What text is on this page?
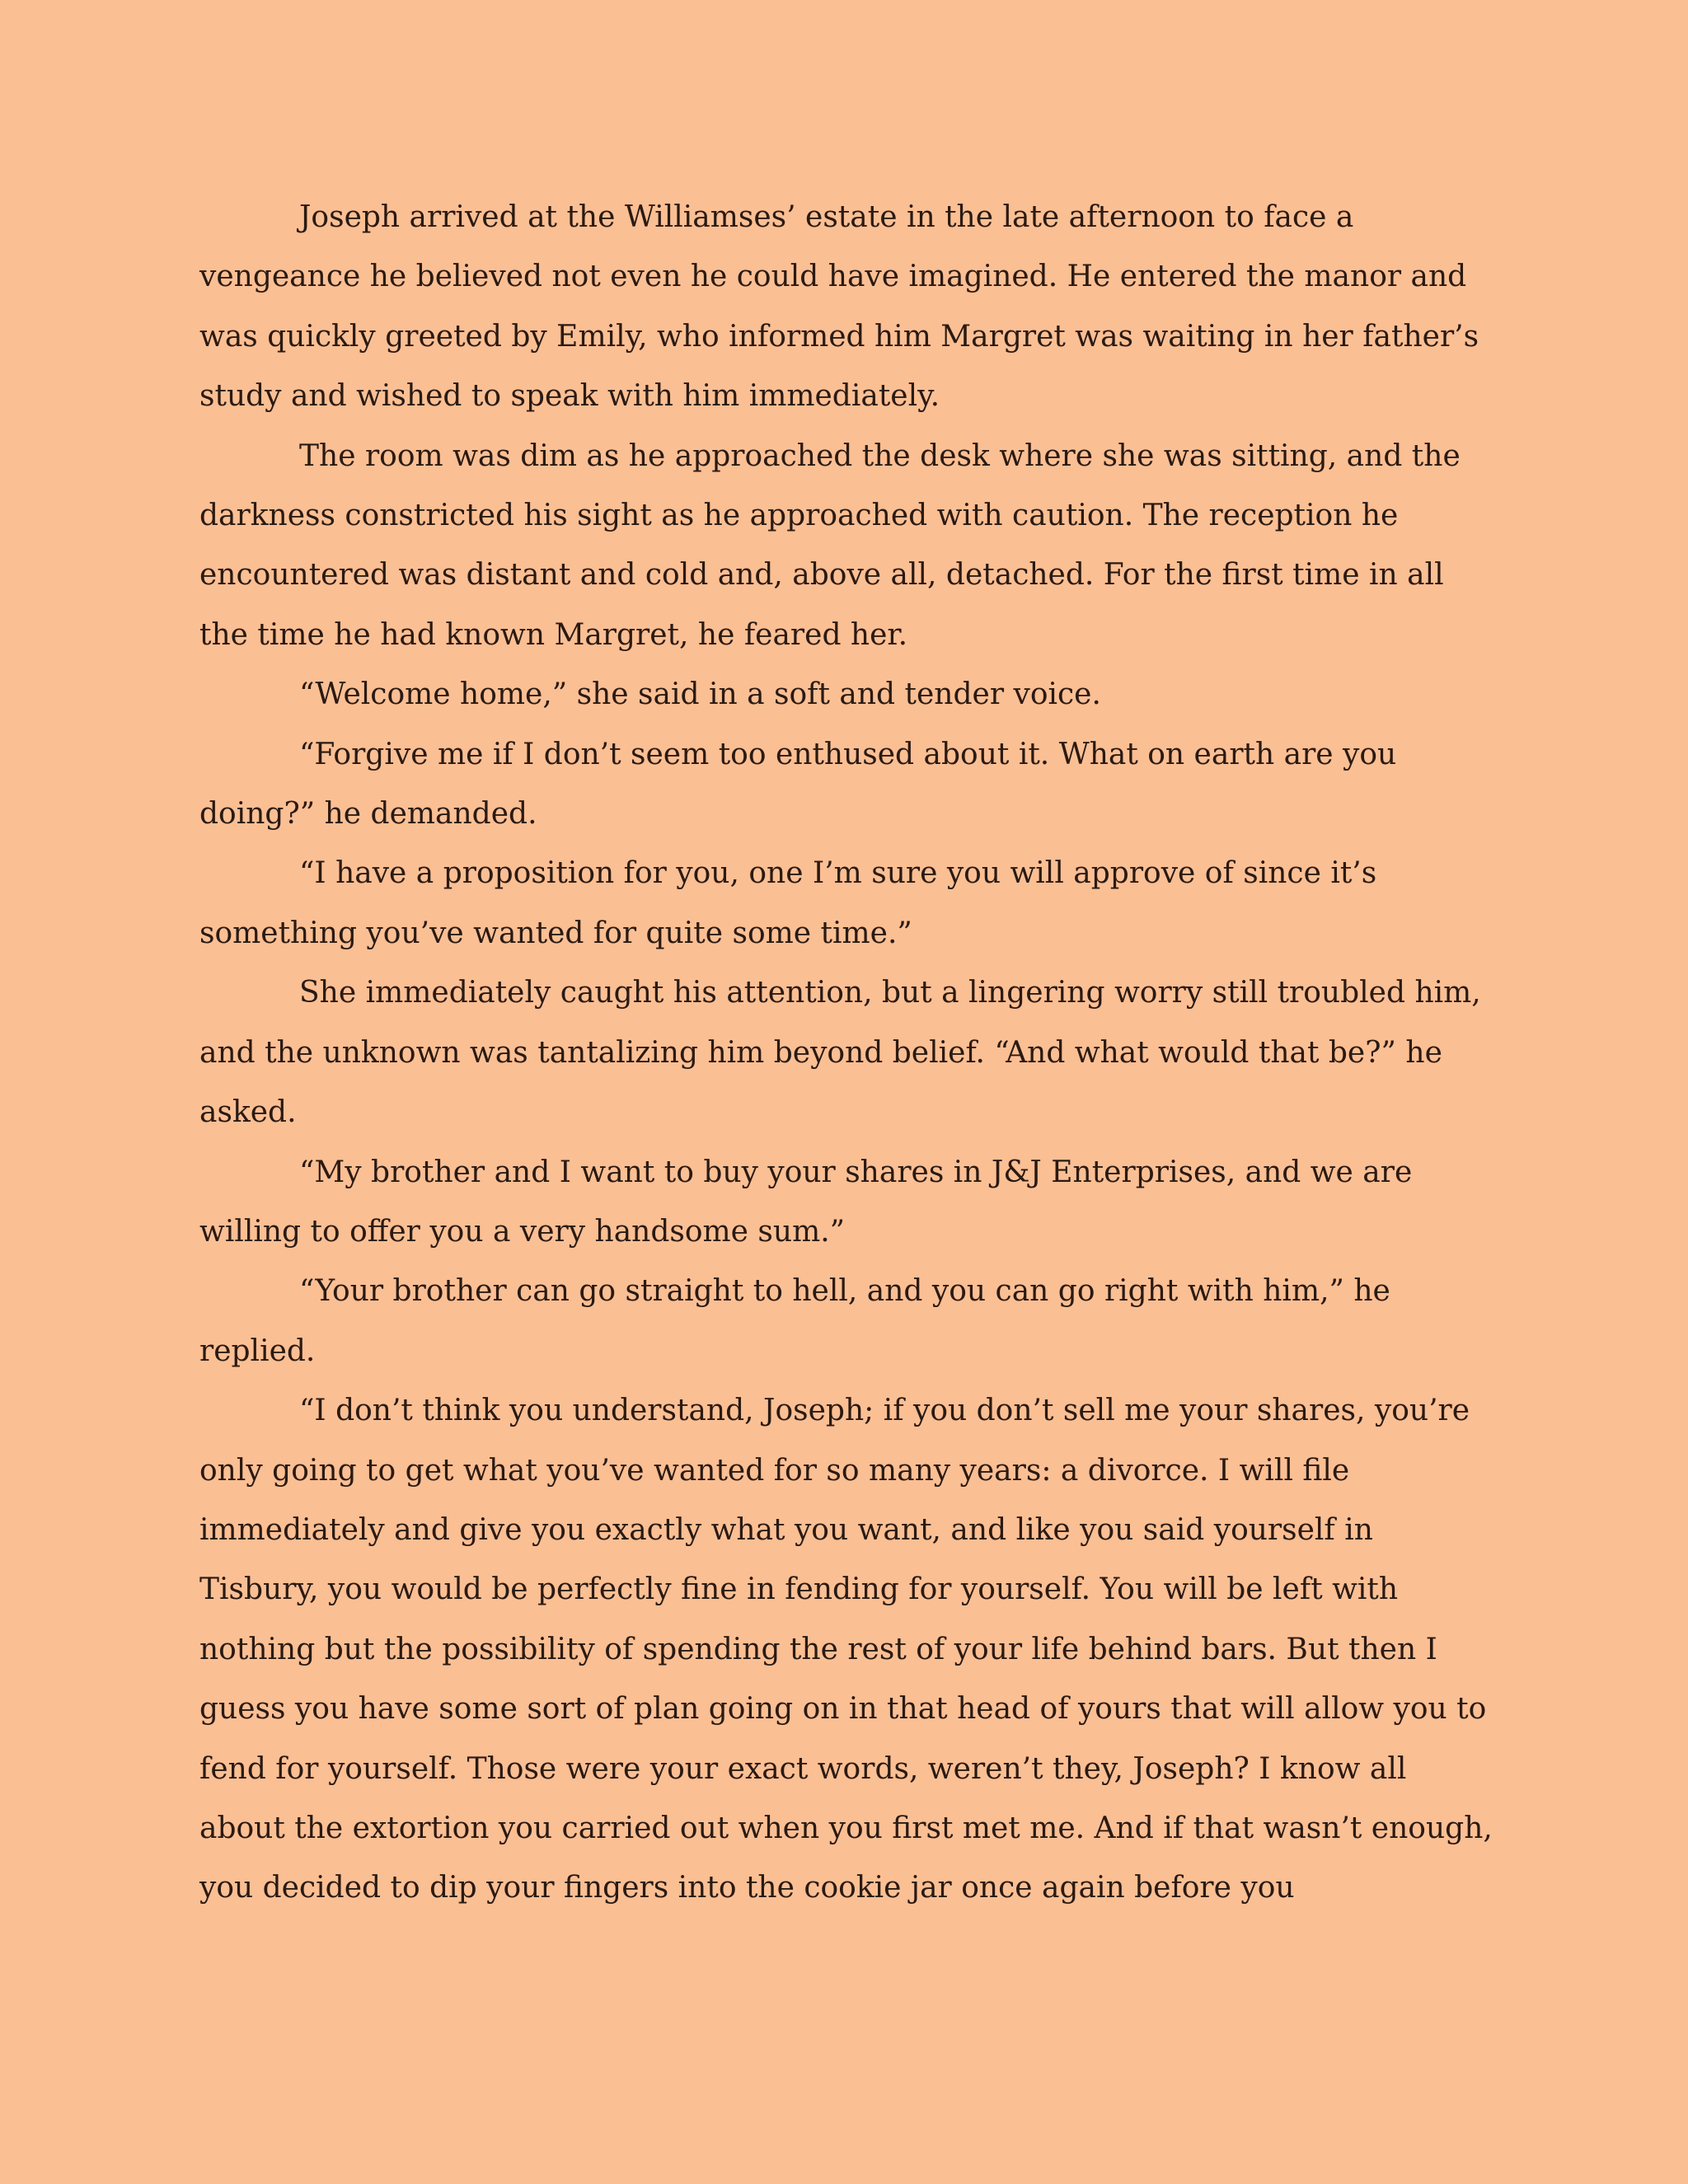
Joseph arrived at the Williamses’ estate in the late afternoon to face a vengeance he believed not even he could have imagined. He entered the manor and was quickly greeted by Emily, who informed him Margret was waiting in her father’s study and wished to speak with him immediately.

The room was dim as he approached the desk where she was sitting, and the darkness constricted his sight as he approached with caution. The reception he encountered was distant and cold and, above all, detached. For the first time in all the time he had known Margret, he feared her.

“Welcome home,” she said in a soft and tender voice.

“Forgive me if I don’t seem too enthused about it. What on earth are you doing?” he demanded.

“I have a proposition for you, one I’m sure you will approve of since it’s something you’ve wanted for quite some time.”

She immediately caught his attention, but a lingering worry still troubled him, and the unknown was tantalizing him beyond belief. “And what would that be?” he asked.

“My brother and I want to buy your shares in J&J Enterprises, and we are willing to offer you a very handsome sum.”

“Your brother can go straight to hell, and you can go right with him,” he replied.

“I don’t think you understand, Joseph; if you don’t sell me your shares, you’re only going to get what you’ve wanted for so many years: a divorce. I will file immediately and give you exactly what you want, and like you said yourself in Tisbury, you would be perfectly fine in fending for yourself. You will be left with nothing but the possibility of spending the rest of your life behind bars. But then I guess you have some sort of plan going on in that head of yours that will allow you to fend for yourself. Those were your exact words, weren’t they, Joseph? I know all about the extortion you carried out when you first met me. And if that wasn’t enough, you decided to dip your fingers into the cookie jar once again before you
